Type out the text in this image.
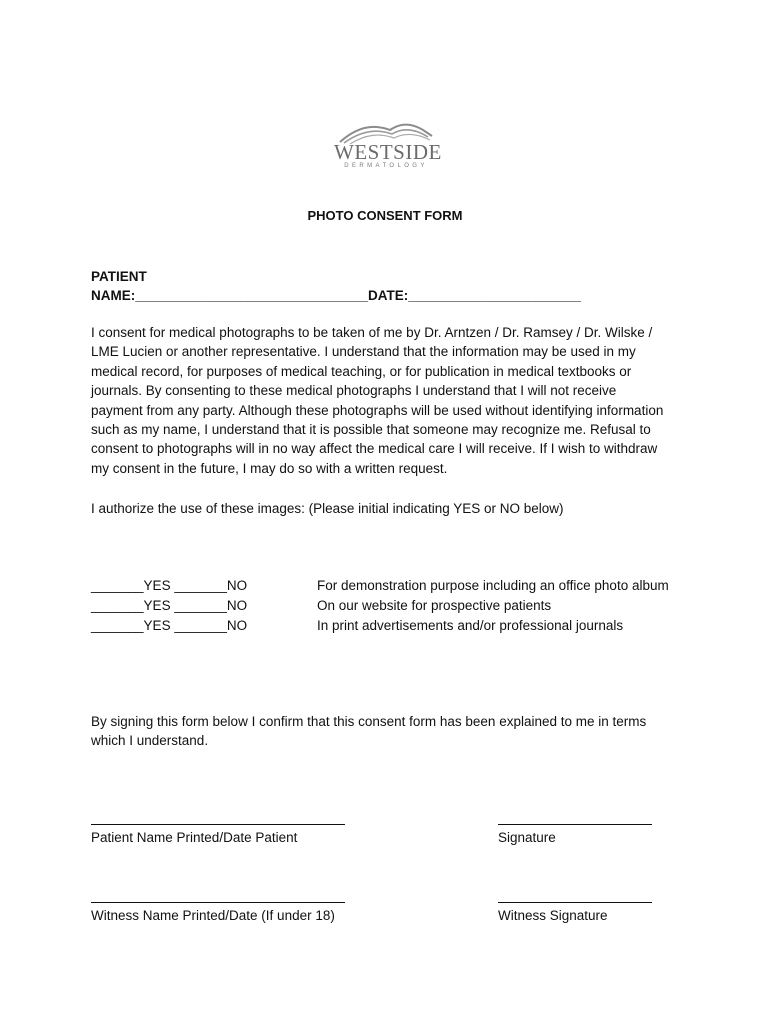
WESTSIDE
DERMATOLOGY
PHOTO CONSENT FORM
PATIENT
NAME:_______________________________DATE:_______________________
I consent for medical photographs to be taken of me by Dr. Arntzen / Dr. Ramsey / Dr. Wilske /
LME Lucien or another representative. I understand that the information may be used in my
medical record, for purposes of medical teaching, or for publication in medical textbooks or
journals. By consenting to these medical photographs I understand that I will not receive
payment from any party. Although these photographs will be used without identifying information
such as my name, I understand that it is possible that someone may recognize me. Refusal to
consent to photographs will in no way affect the medical care I will receive. If I wish to withdraw
my consent in the future, I may do so with a written request.
I authorize the use of these images: (Please initial indicating YES or NO below)
_______YES _______NO	For demonstration purpose including an office photo album
_______YES _______NO	On our website for prospective patients
_______YES _______NO	In print advertisements and/or professional journals
By signing this form below I confirm that this consent form has been explained to me in terms
which I understand.
Patient Name Printed/Date Patient	Signature
Witness Name Printed/Date (If under 18)	Witness Signature
